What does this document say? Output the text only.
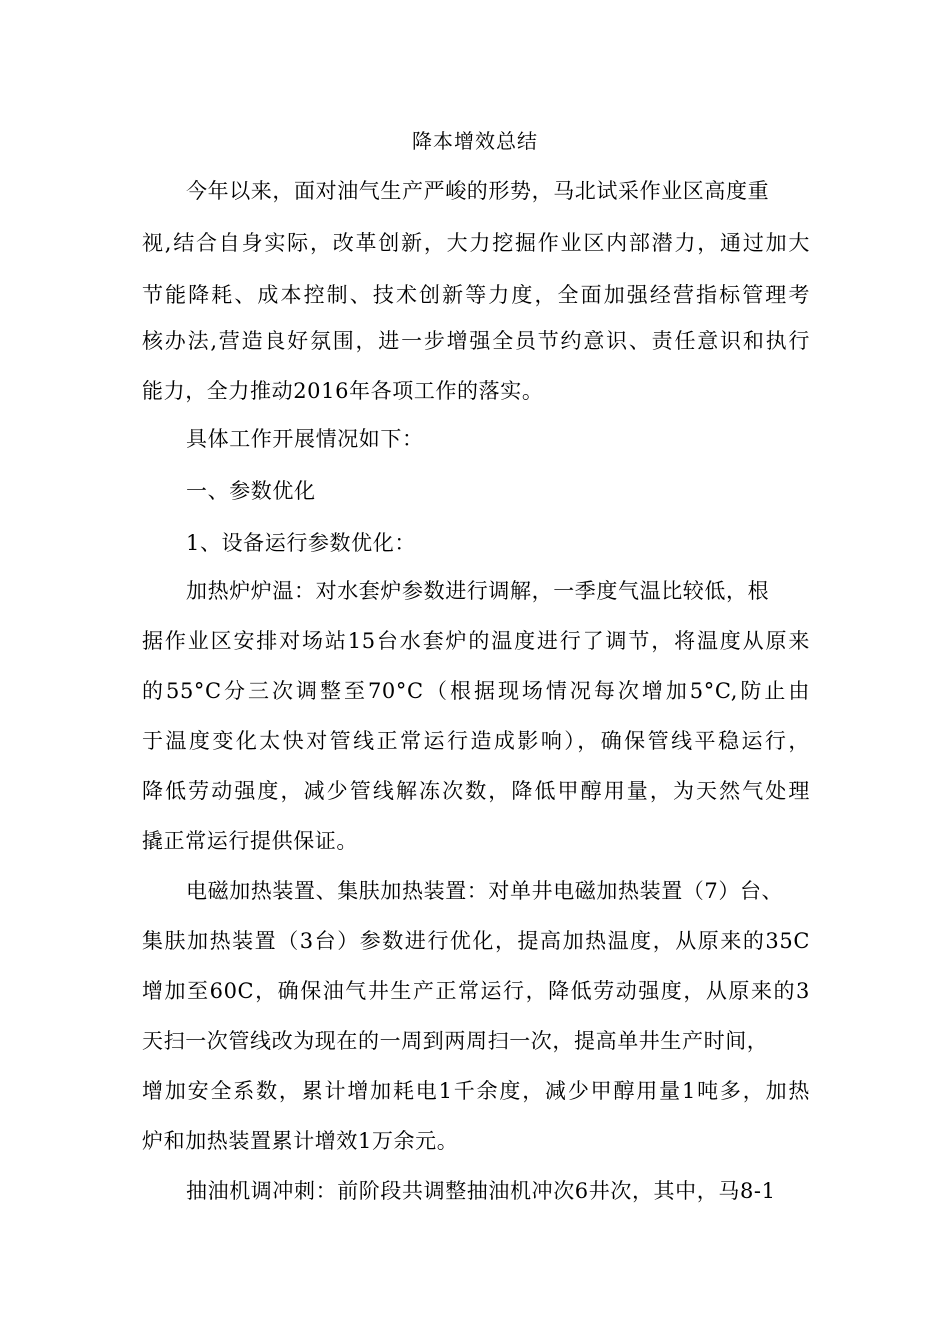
降本增效总结
今年以来，面对油气生产严峻的形势，马北试采作业区高度重
视,结合自身实际，改革创新，大力挖掘作业区内部潜力，通过加大
节能降耗、成本控制、技术创新等力度，全面加强经营指标管理考
核办法,营造良好氛围，进一步增强全员节约意识、责任意识和执行
能力，全力推动2016年各项工作的落实。
具体工作开展情况如下：
一、参数优化
1、设备运行参数优化：
加热炉炉温：对水套炉参数进行调解，一季度气温比较低，根
据作业区安排对场站15台水套炉的温度进行了调节，将温度从原来
的55°C分三次调整至70°C（根据现场情况每次增加5°C,防止由
于温度变化太快对管线正常运行造成影响），确保管线平稳运行，
降低劳动强度，减少管线解冻次数，降低甲醇用量，为天然气处理
撬正常运行提供保证。
电磁加热装置、集肤加热装置：对单井电磁加热装置（7）台、
集肤加热装置（3台）参数进行优化，提高加热温度，从原来的35C
增加至60C，确保油气井生产正常运行，降低劳动强度，从原来的3
天扫一次管线改为现在的一周到两周扫一次，提高单井生产时间，
增加安全系数，累计增加耗电1千余度，减少甲醇用量1吨多，加热
炉和加热装置累计增效1万余元。
抽油机调冲刺：前阶段共调整抽油机冲次6井次，其中，马8-1
